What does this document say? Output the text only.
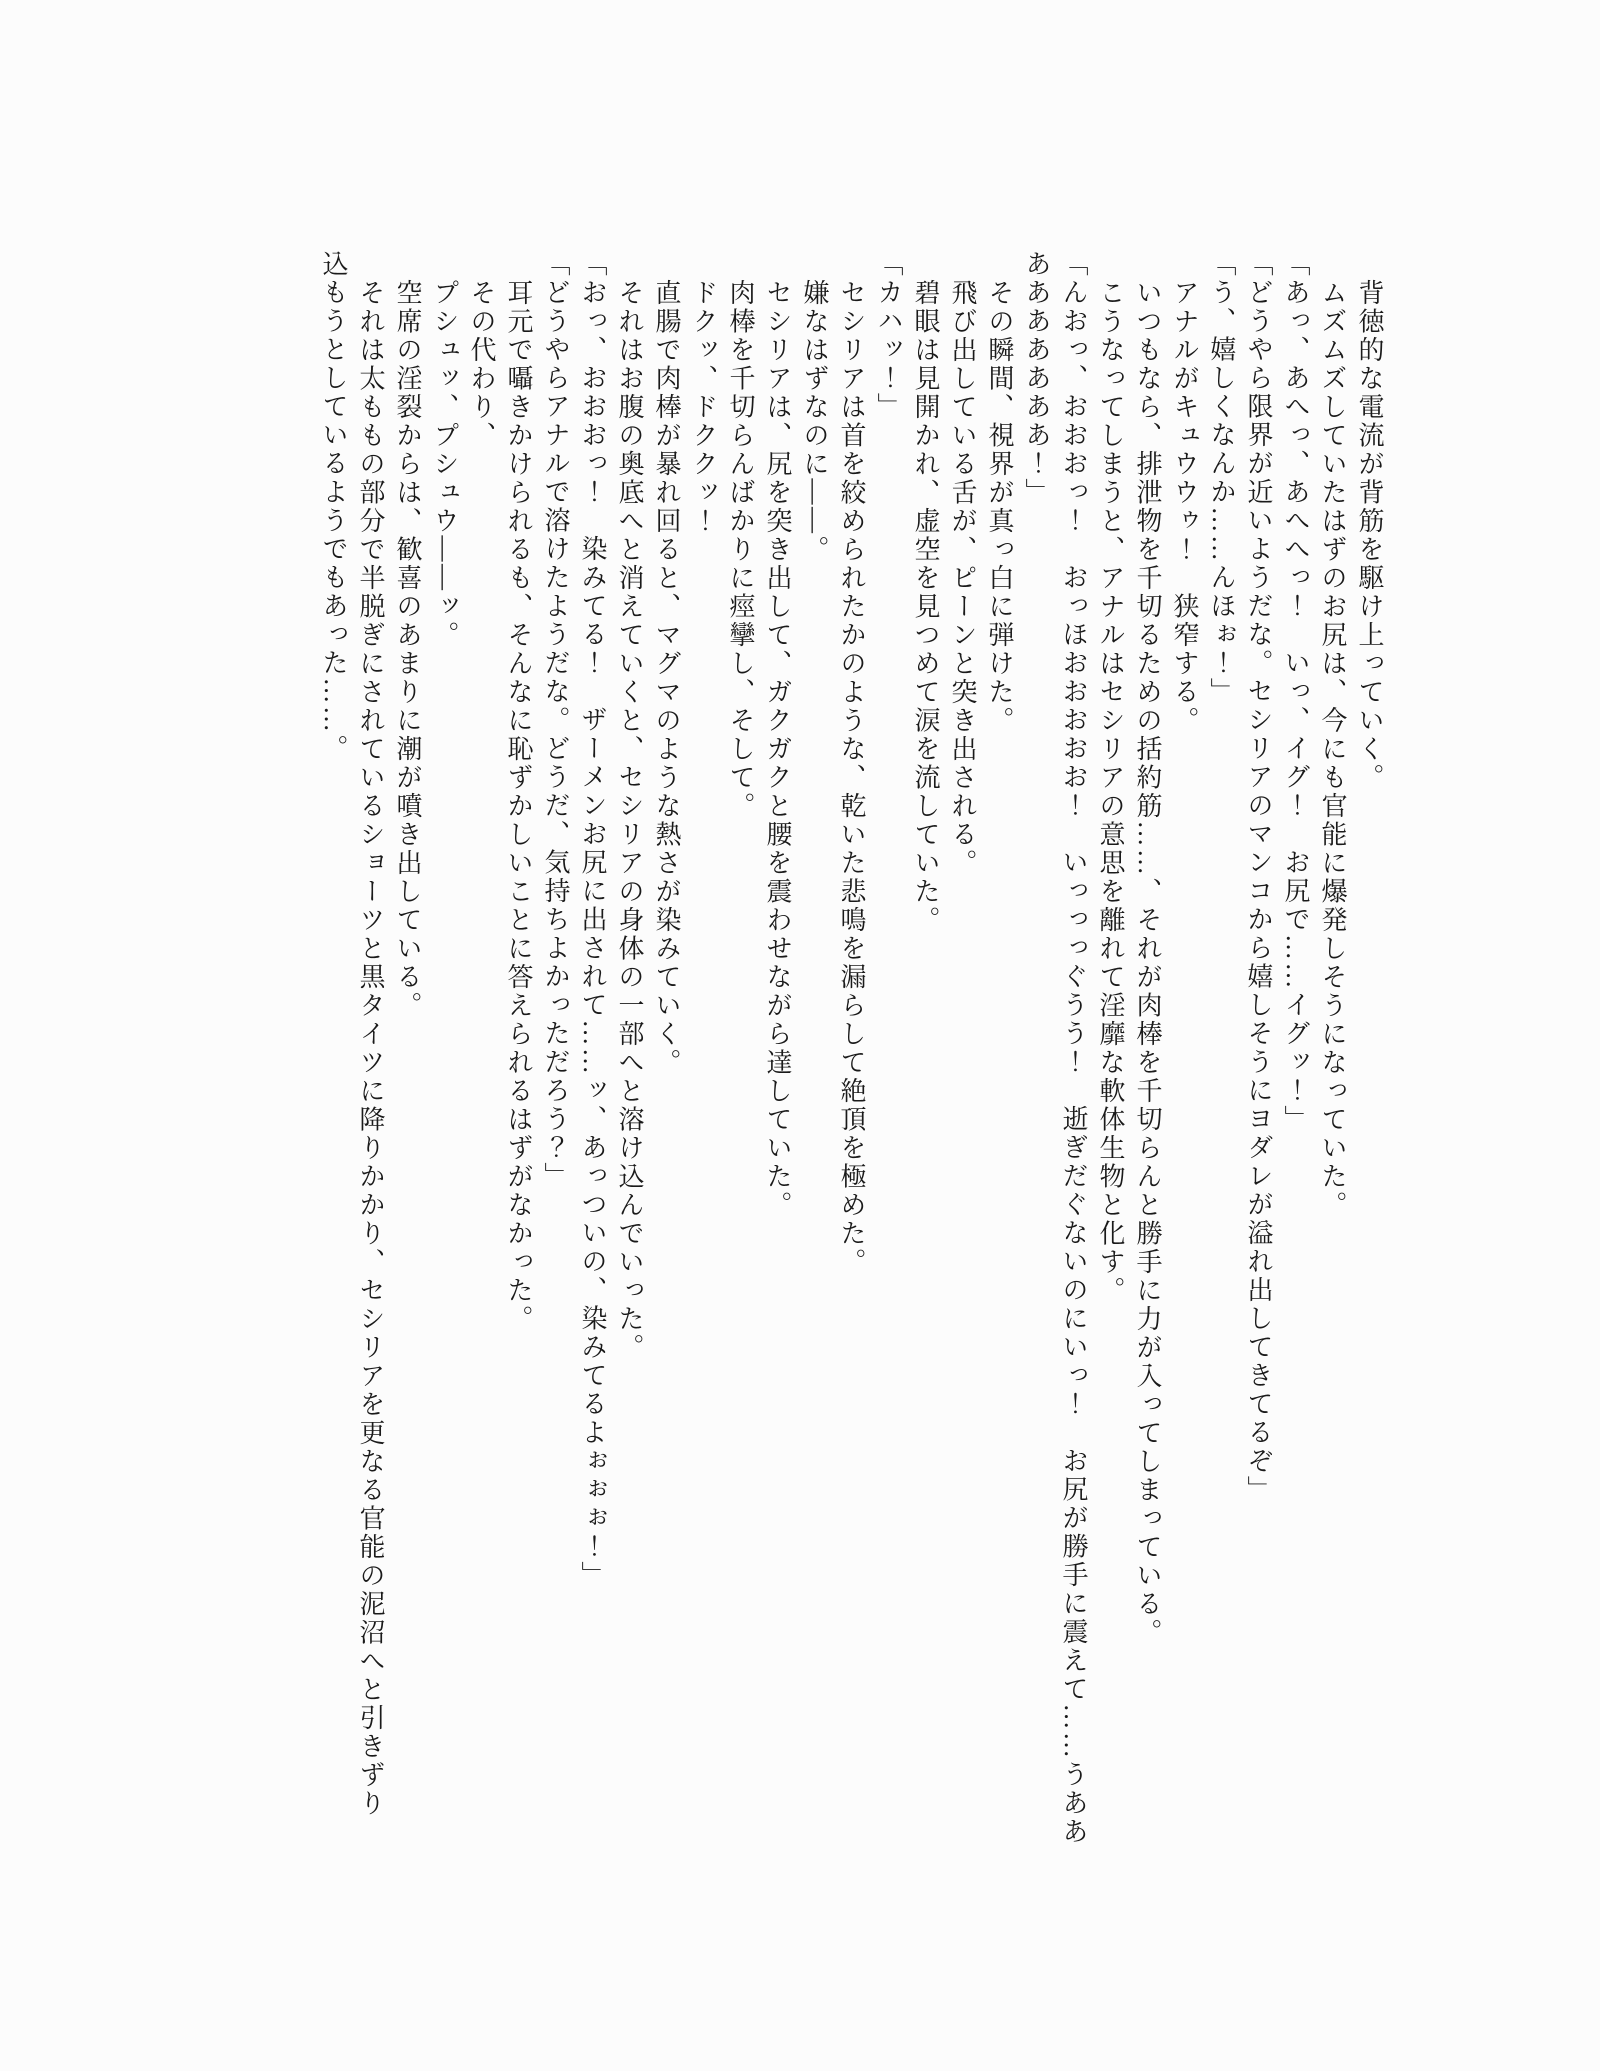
背徳的な電流が背筋を駆け上っていく。
ムズムズしていたはずのお尻は、今にも官能に爆発しそうになっていた。
「あっ、あへっ、あへへっ！　いっ、イグ！　お尻で……イグッ！」
「どうやら限界が近いようだな。セシリアのマンコから嬉しそうにヨダレが溢れ出してきてるぞ」
「う、嬉しくなんか……んほぉ！」
アナルがキュウウゥ！　狭窄する。
いつもなら、排泄物を千切るための括約筋……、それが肉棒を千切らんと勝手に力が入ってしまっている。
こうなってしまうと、アナルはセシリアの意思を離れて淫靡な軟体生物と化す。
「んおっ、おおおっ！　おっほおおおおお！　いっっっぐうう！　逝ぎだぐないのにいっ！　お尻が勝手に震えて……うああ
あああああああ！」
その瞬間、視界が真っ白に弾けた。
飛び出している舌が、ピーンと突き出される。
碧眼は見開かれ、虚空を見つめて涙を流していた。
「カハッ！」
セシリアは首を絞められたかのような、乾いた悲鳴を漏らして絶頂を極めた。
嫌なはずなのに――。
セシリアは、尻を突き出して、ガクガクと腰を震わせながら達していた。
肉棒を千切らんばかりに痙攣し、そして。
ドクッ、ドククッ！
直腸で肉棒が暴れ回ると、マグマのような熱さが染みていく。
それはお腹の奥底へと消えていくと、セシリアの身体の一部へと溶け込んでいった。
「おっ、おおおっ！　染みてる！　ザーメンお尻に出されて……ッ、あっついの、染みてるよぉぉぉ！」
「どうやらアナルで溶けたようだな。どうだ、気持ちよかっただろう？」
耳元で囁きかけられるも、そんなに恥ずかしいことに答えられるはずがなかった。
その代わり、
プシュッ、プシュウ――ッ。
空席の淫裂からは、歓喜のあまりに潮が噴き出している。
それは太ももの部分で半脱ぎにされているショーツと黒タイツに降りかかり、セシリアを更なる官能の泥沼へと引きずり
込もうとしているようでもあった……。
